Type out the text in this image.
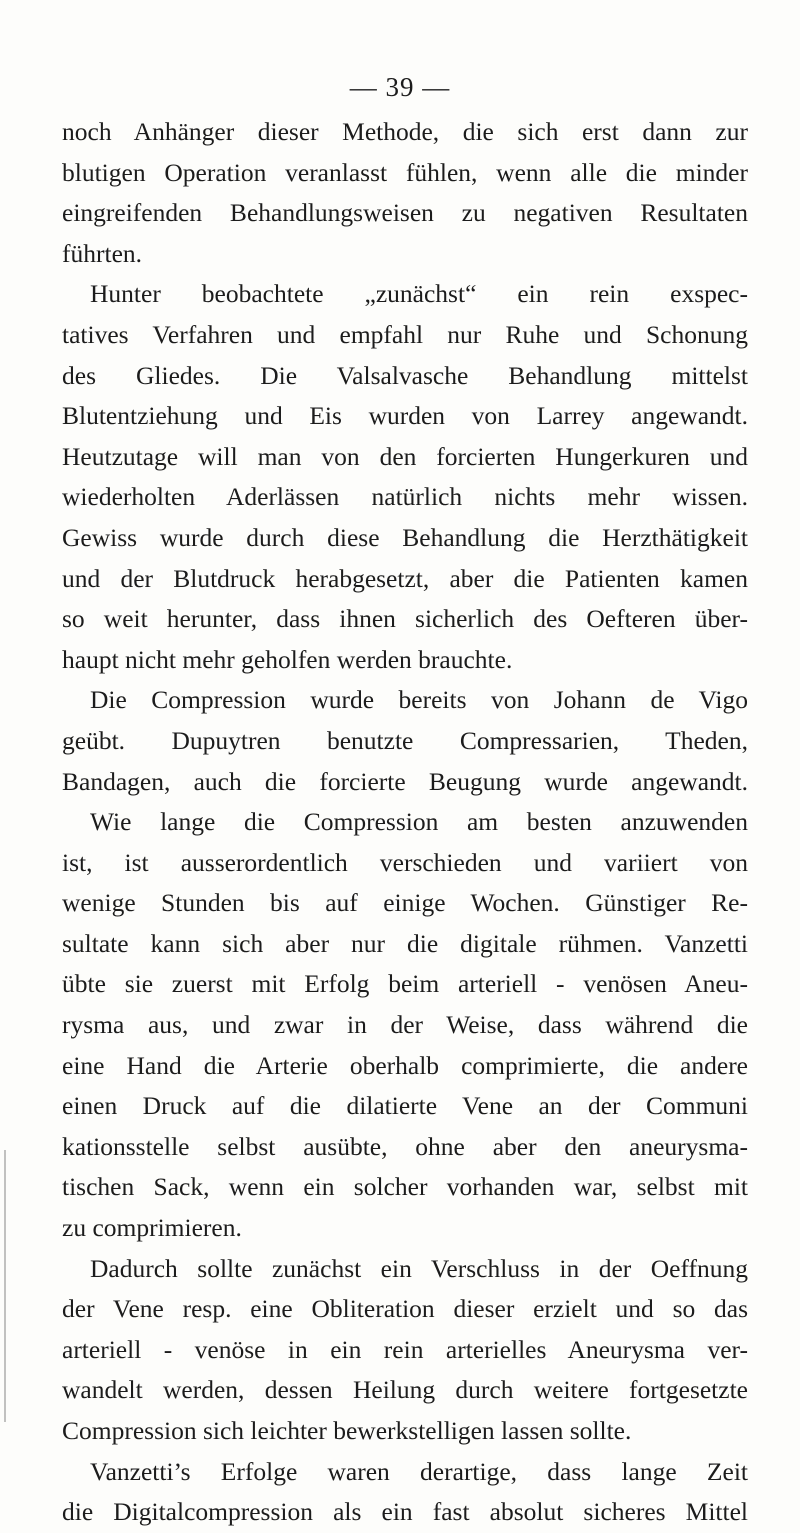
— 39 —
noch Anhänger dieser Methode, die sich erst dann zur
blutigen Operation veranlasst fühlen, wenn alle die minder
eingreifenden Behandlungsweisen zu negativen Resultaten
führten.
Hunter beobachtete „zunächst“ ein rein exspec-
tatives Verfahren und empfahl nur Ruhe und Schonung
des Gliedes. Die Valsalvasche Behandlung mittelst
Blutentziehung und Eis wurden von Larrey angewandt.
Heutzutage will man von den forcierten Hungerkuren und
wiederholten Aderlässen natürlich nichts mehr wissen.
Gewiss wurde durch diese Behandlung die Herzthätigkeit
und der Blutdruck herabgesetzt, aber die Patienten kamen
so weit herunter, dass ihnen sicherlich des Oefteren über-
haupt nicht mehr geholfen werden brauchte.
Die Compression wurde bereits von Johann de Vigo
geübt. Dupuytren benutzte Compressarien, Theden,
Bandagen, auch die forcierte Beugung wurde angewandt.
Wie lange die Compression am besten anzuwenden
ist, ist ausserordentlich verschieden und variiert von
wenige Stunden bis auf einige Wochen. Günstiger Re-
sultate kann sich aber nur die digitale rühmen. Vanzetti
übte sie zuerst mit Erfolg beim arteriell - venösen Aneu-
rysma aus, und zwar in der Weise, dass während die
eine Hand die Arterie oberhalb comprimierte, die andere
einen Druck auf die dilatierte Vene an der Communi
kationsstelle selbst ausübte, ohne aber den aneurysma-
tischen Sack, wenn ein solcher vorhanden war, selbst mit
zu comprimieren.
Dadurch sollte zunächst ein Verschluss in der Oeffnung
der Vene resp. eine Obliteration dieser erzielt und so das
arteriell - venöse in ein rein arterielles Aneurysma ver-
wandelt werden, dessen Heilung durch weitere fortgesetzte
Compression sich leichter bewerkstelligen lassen sollte.
Vanzetti’s Erfolge waren derartige, dass lange Zeit
die Digitalcompression als ein fast absolut sicheres Mittel
